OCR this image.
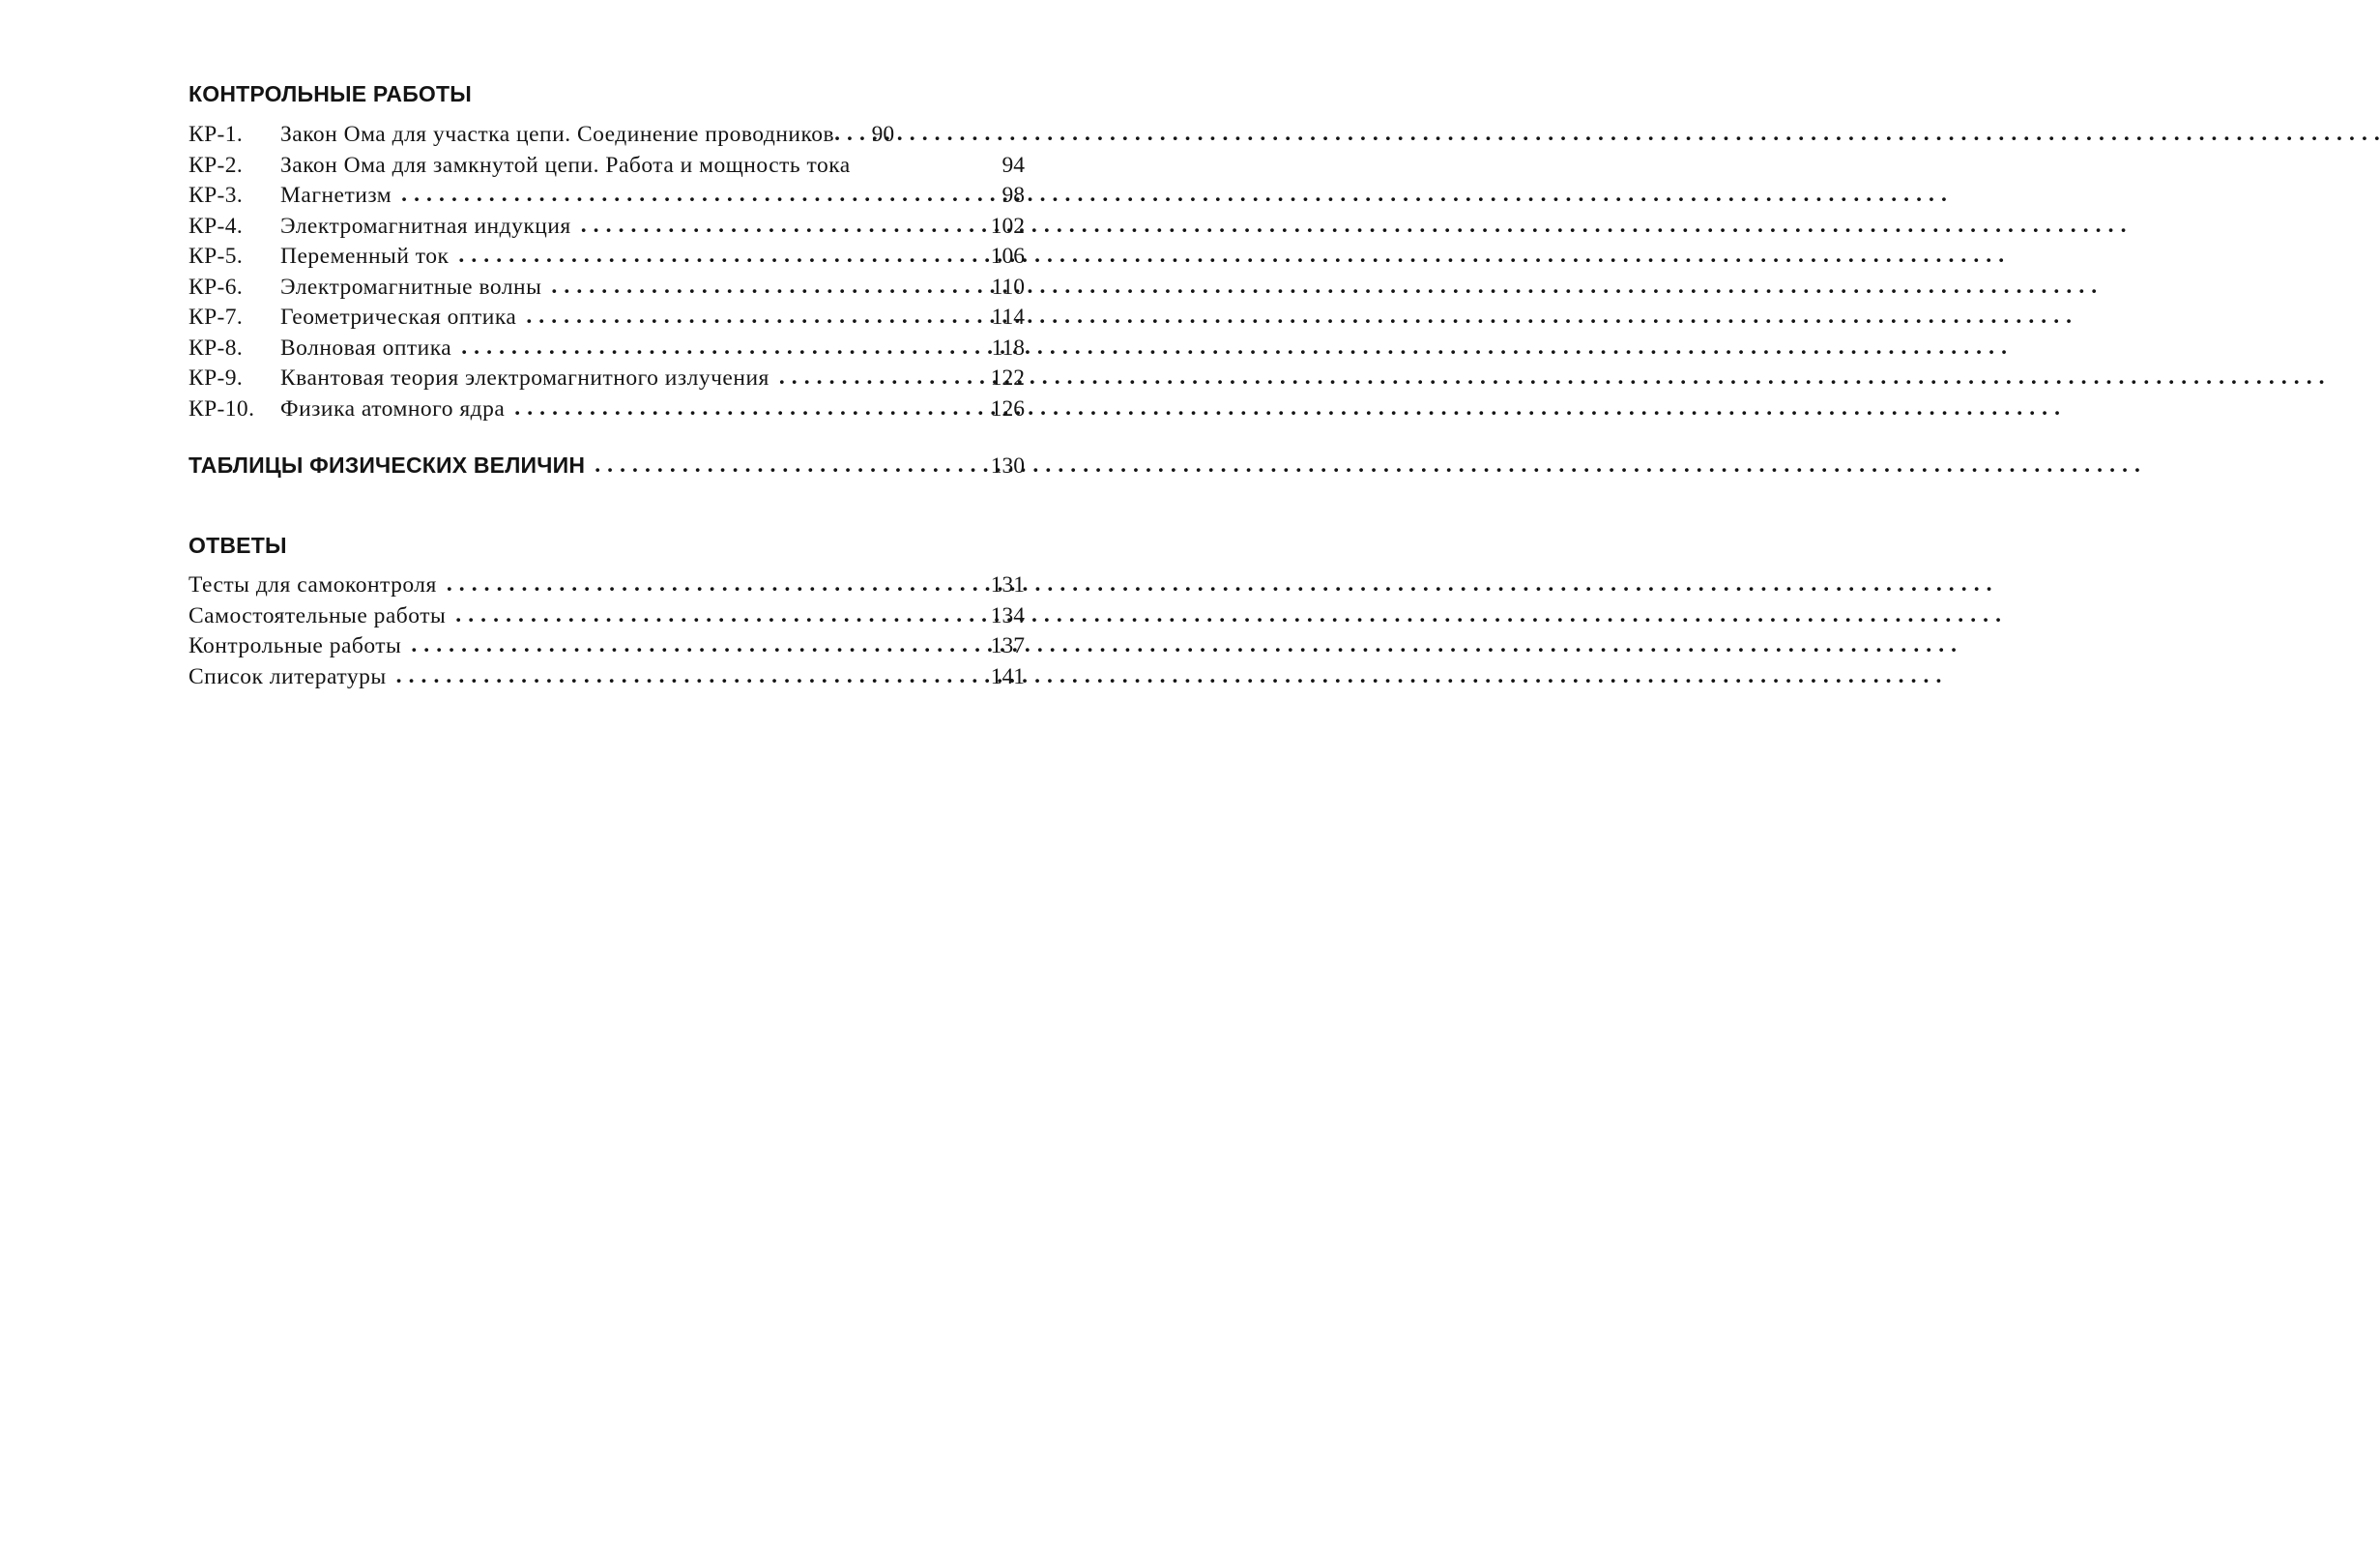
КОНТРОЛЬНЫЕ РАБОТЫ
КР-1.	Закон Ома для участка цепи. Соединение проводников . . .	90
КР-2.	Закон Ома для замкнутой цепи. Работа и мощность тока	94
КР-3.	Магнетизм . . .	98
КР-4.	Электромагнитная индукция . . .	102
КР-5.	Переменный ток . . .	106
КР-6.	Электромагнитные волны . . .	110
КР-7.	Геометрическая оптика . . .	114
КР-8.	Волновая оптика . . .	118
КР-9.	Квантовая теория электромагнитного излучения . . .	122
КР-10.	Физика атомного ядра . . .	126
ТАБЛИЦЫ ФИЗИЧЕСКИХ ВЕЛИЧИН . . .	130
ОТВЕТЫ
Тесты для самоконтроля . . .	131
Самостоятельные работы . . .	134
Контрольные работы . . .	137
Список литературы . . .	141
